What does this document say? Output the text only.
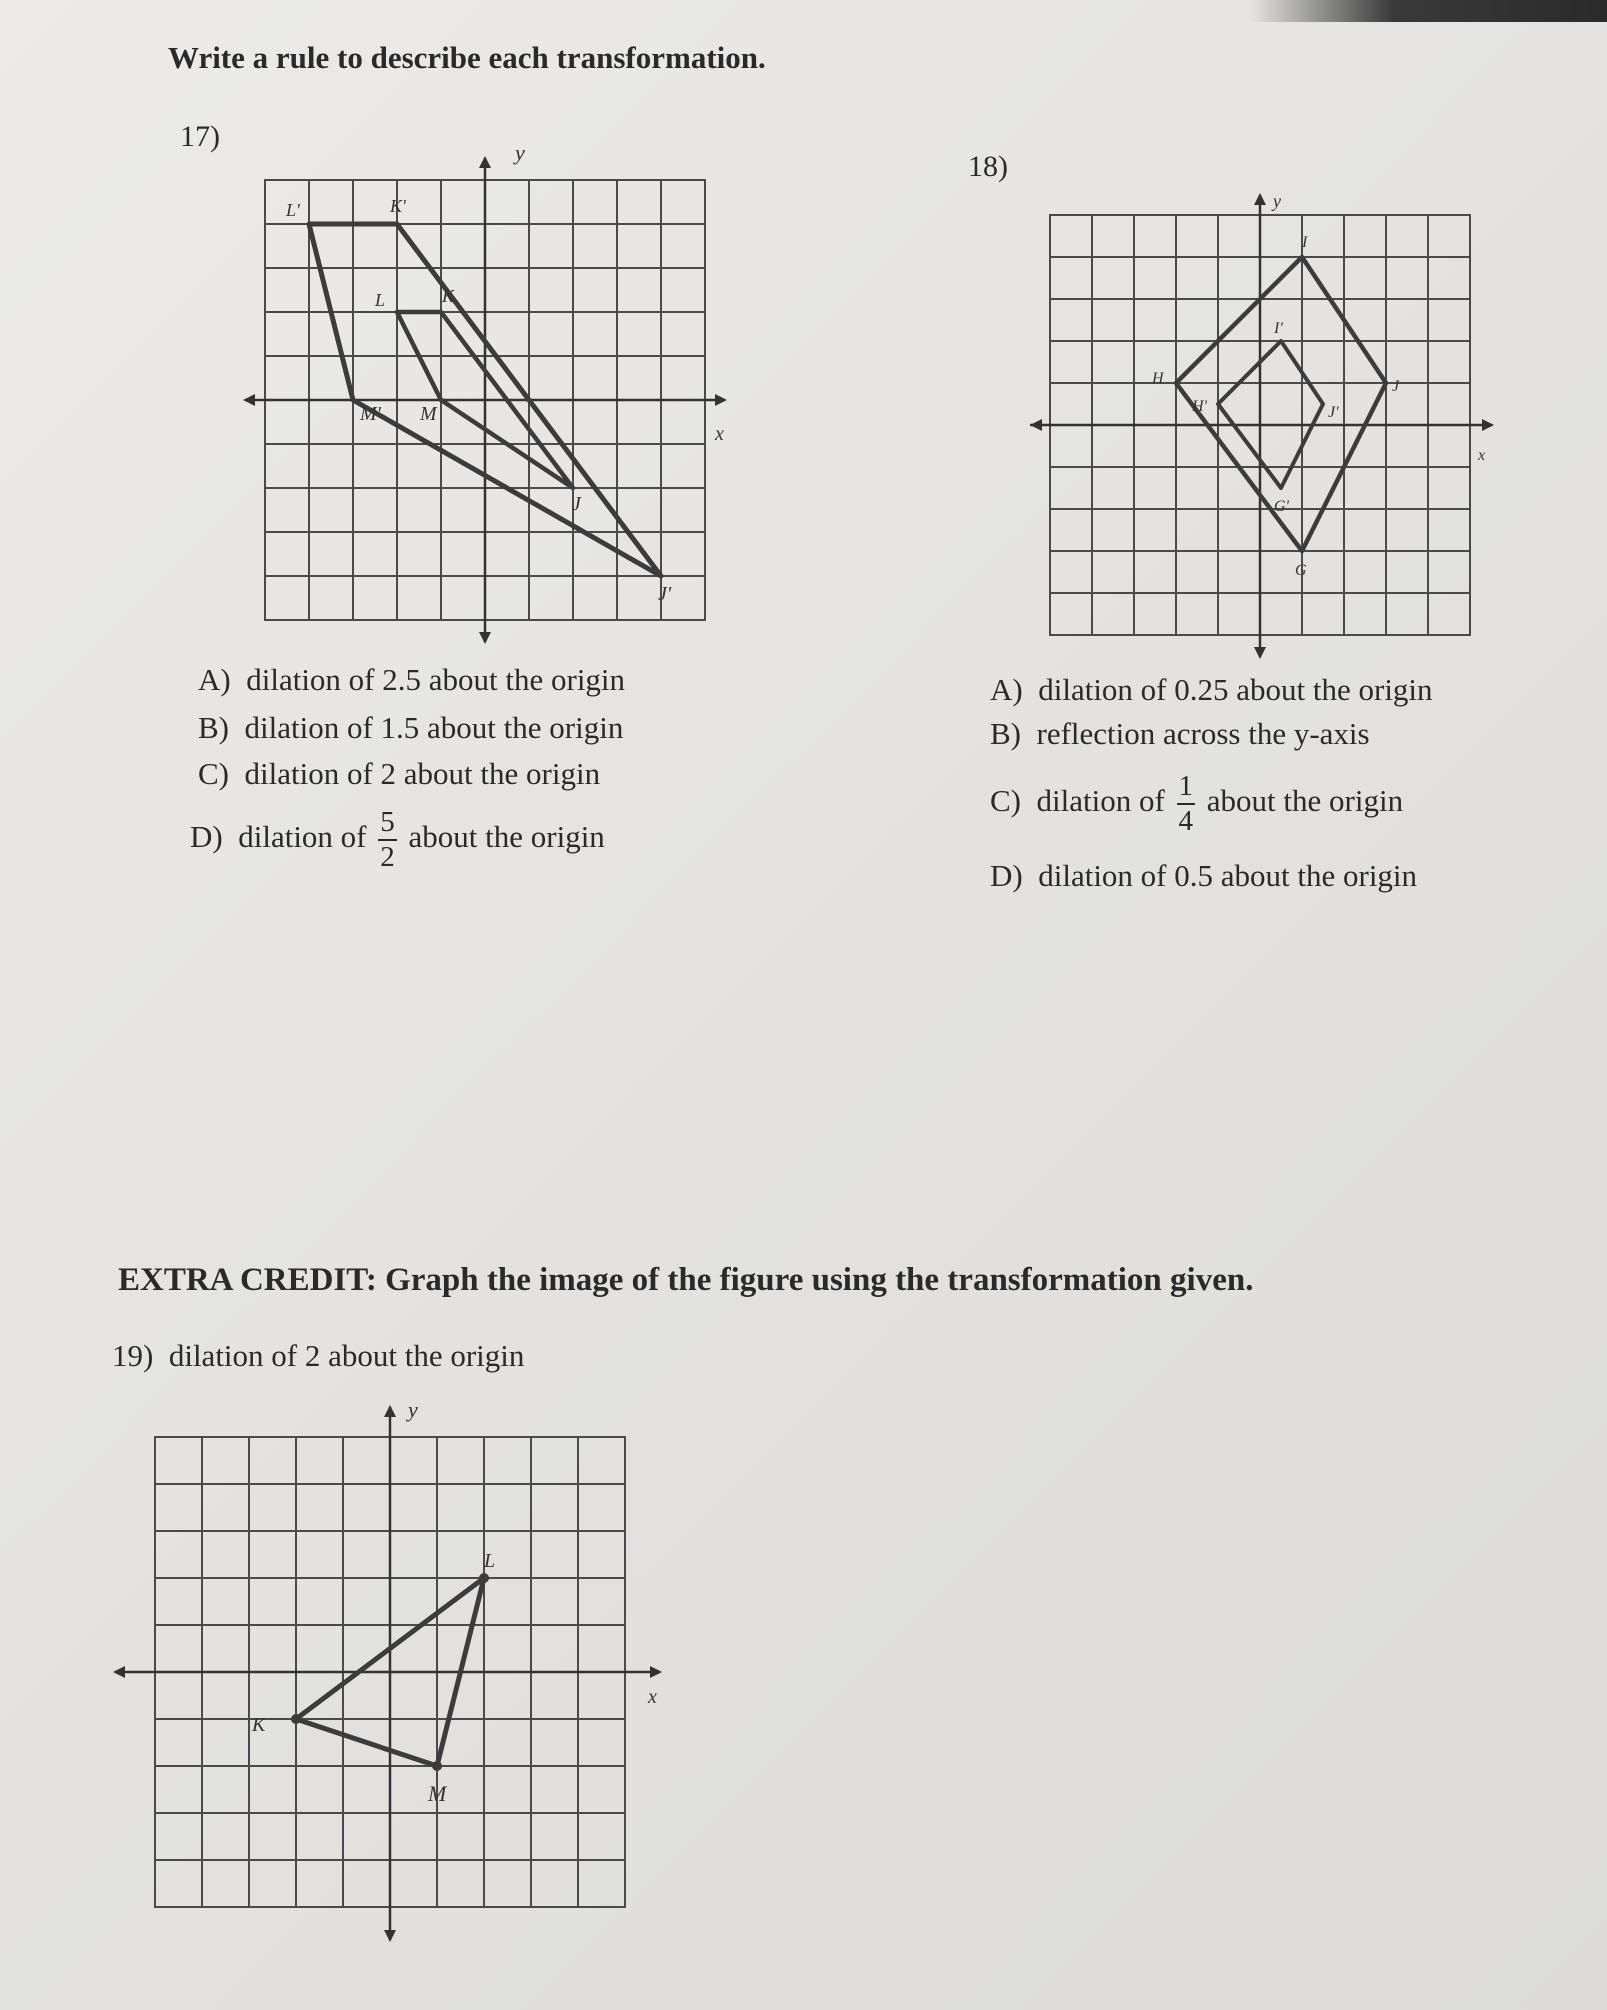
Write a rule to describe each transformation.
17)	y
x
L'	K'
L	K
M' M
J
J'
A) dilation of 2.5 about the origin
B) dilation of 1.5 about the origin
C) dilation of 2 about the origin
D) dilation of $\frac{5}{2}$ about the origin
18)
y
x
I
I'
H
H'
J
J'
G
G'
A) dilation of 0.25 about the origin
B) reflection across the y-axis
C) dilation of $\frac{1}{4}$ about the origin
D) dilation of 0.5 about the origin
EXTRA CREDIT: Graph the image of the figure using the transformation given.
19) dilation of 2 about the origin
y
x
L
K
M
